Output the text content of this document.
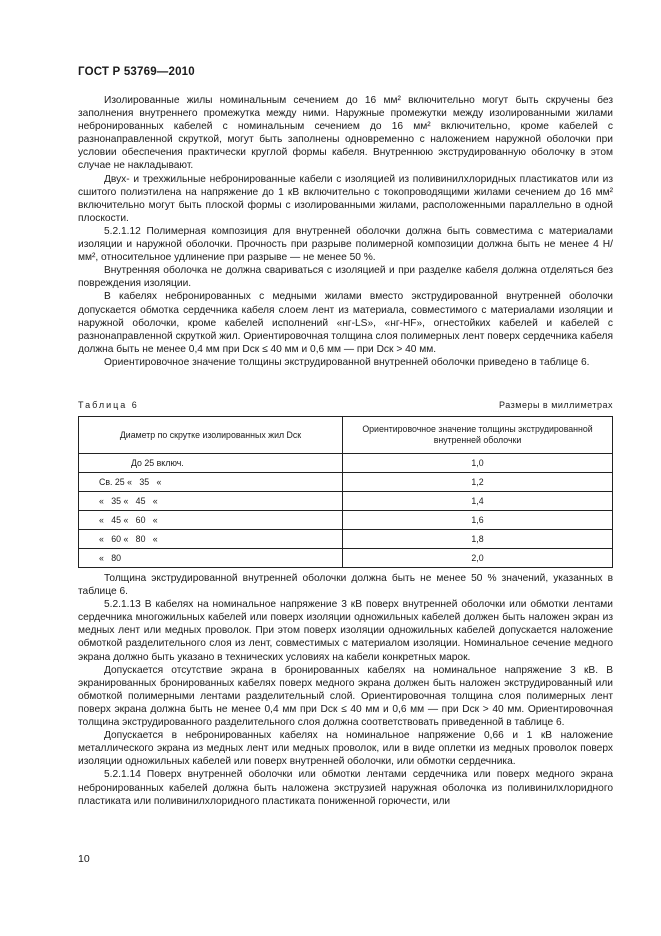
ГОСТ Р 53769—2010

Изолированные жилы номинальным сечением до 16 мм² включительно могут быть скручены без заполнения внутреннего промежутка между ними. Наружные промежутки между изолированными жилами небронированных кабелей с номинальным сечением до 16 мм² включительно, кроме кабелей с разнонаправленной скруткой, могут быть заполнены одновременно с наложением наружной оболочки при условии обеспечения практически круглой формы кабеля. Внутреннюю экструдированную оболочку в этом случае не накладывают.

Двух- и трехжильные небронированные кабели с изоляцией из поливинилхлоридных пластикатов или из сшитого полиэтилена на напряжение до 1 кВ включительно с токопроводящими жилами сечением до 16 мм² включительно могут быть плоской формы с изолированными жилами, расположенными параллельно в одной плоскости.

5.2.1.12 Полимерная композиция для внутренней оболочки должна быть совместима с материалами изоляции и наружной оболочки. Прочность при разрыве полимерной композиции должна быть не менее 4 Н/мм², относительное удлинение при разрыве — не менее 50 %.

Внутренняя оболочка не должна свариваться с изоляцией и при разделке кабеля должна отделяться без повреждения изоляции.

В кабелях небронированных с медными жилами вместо экструдированной внутренней оболочки допускается обмотка сердечника кабеля слоем лент из материала, совместимого с материалами изоляции и наружной оболочки, кроме кабелей исполнений «нг-LS», «нг-HF», огнестойких кабелей и кабелей с разнонаправленной скруткой жил. Ориентировочная толщина слоя полимерных лент поверх сердечника кабеля должна быть не менее 0,4 мм при Dск ≤ 40 мм и 0,6 мм — при Dск > 40 мм.

Ориентировочное значение толщины экструдированной внутренней оболочки приведено в таблице 6.

Таблица 6	Размеры в миллиметрах
Диаметр по скрутке изолированных жил Dск	Ориентировочное значение толщины экструдированной внутренней оболочки
До 25 включ.	1,0
Св. 25 «   35   «	1,2
«   35 «   45   «	1,4
«   45 «   60   «	1,6
«   60 «   80   «	1,8
«   80	2,0

Толщина экструдированной внутренней оболочки должна быть не менее 50 % значений, указанных в таблице 6.

5.2.1.13 В кабелях на номинальное напряжение 3 кВ поверх внутренней оболочки или обмотки лентами сердечника многожильных кабелей или поверх изоляции одножильных кабелей должен быть наложен экран из медных лент или медных проволок. При этом поверх изоляции одножильных кабелей допускается наложение обмоткой разделительного слоя из лент, совместимых с материалом изоляции. Номинальное сечение медного экрана должно быть указано в технических условиях на кабели конкретных марок.

Допускается отсутствие экрана в бронированных кабелях на номинальное напряжение 3 кВ. В экранированных бронированных кабелях поверх медного экрана должен быть наложен экструдированный или обмоткой полимерными лентами разделительный слой. Ориентировочная толщина слоя полимерных лент поверх экрана должна быть не менее 0,4 мм при Dск ≤ 40 мм и 0,6 мм — при Dск > 40 мм. Ориентировочная толщина экструдированного разделительного слоя должна соответствовать приведенной в таблице 6.

Допускается в небронированных кабелях на номинальное напряжение 0,66 и 1 кВ наложение металлического экрана из медных лент или медных проволок, или в виде оплетки из медных проволок поверх изоляции одножильных кабелей или поверх внутренней оболочки, или обмотки сердечника.

5.2.1.14 Поверх внутренней оболочки или обмотки лентами сердечника или поверх медного экрана небронированных кабелей должна быть наложена экструзией наружная оболочка из поливинилхлоридного пластиката или поливинилхлоридного пластиката пониженной горючести, или

10
